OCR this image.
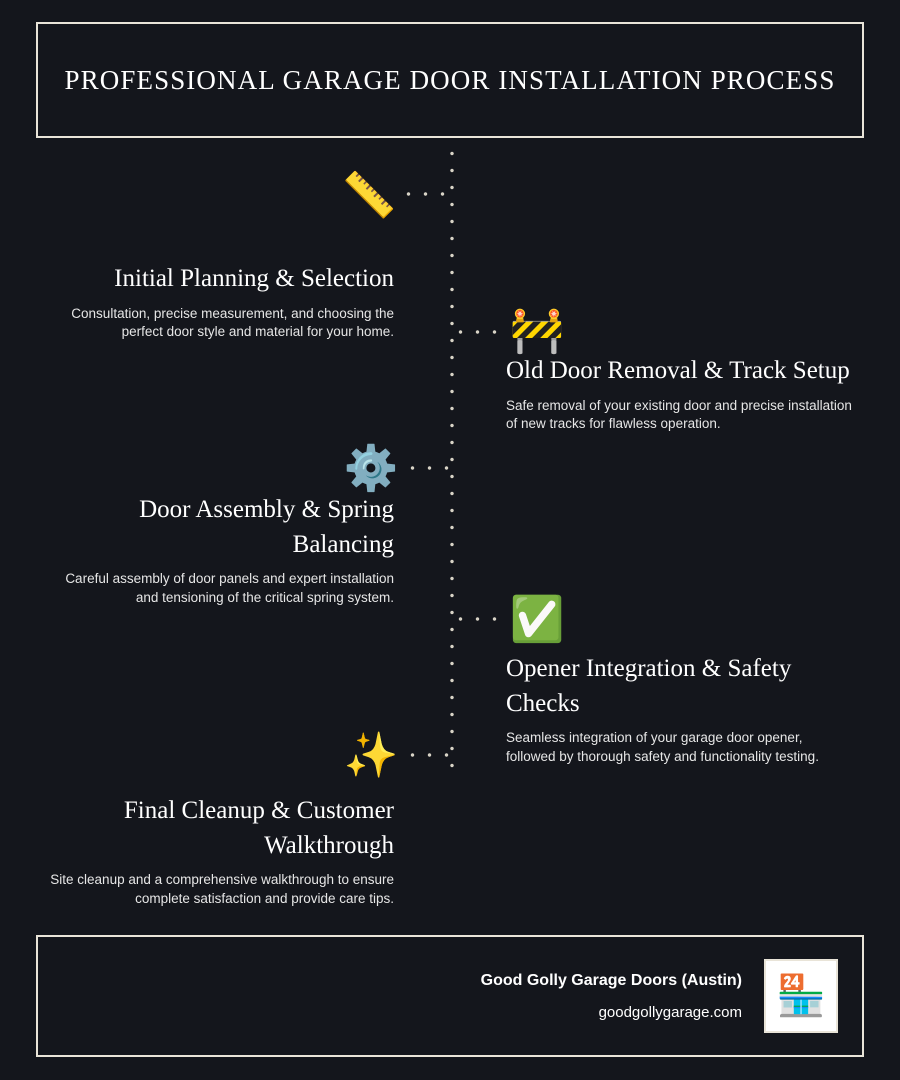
PROFESSIONAL GARAGE DOOR INSTALLATION PROCESS
📏
Initial Planning & Selection
Consultation, precise measurement, and choosing the perfect door style and material for your home.	🚧
Old Door Removal & Track Setup
Safe removal of your existing door and precise installation of new tracks for flawless operation.
⚙️
Door Assembly & Spring Balancing
Careful assembly of door panels and expert installation and tensioning of the critical spring system.	✅
Opener Integration & Safety Checks
Seamless integration of your garage door opener, followed by thorough safety and functionality testing.
✨
Final Cleanup & Customer Walkthrough
Site cleanup and a comprehensive walkthrough to ensure complete satisfaction and provide care tips.
Good Golly Garage Doors (Austin)
goodgollygarage.com 🏪
